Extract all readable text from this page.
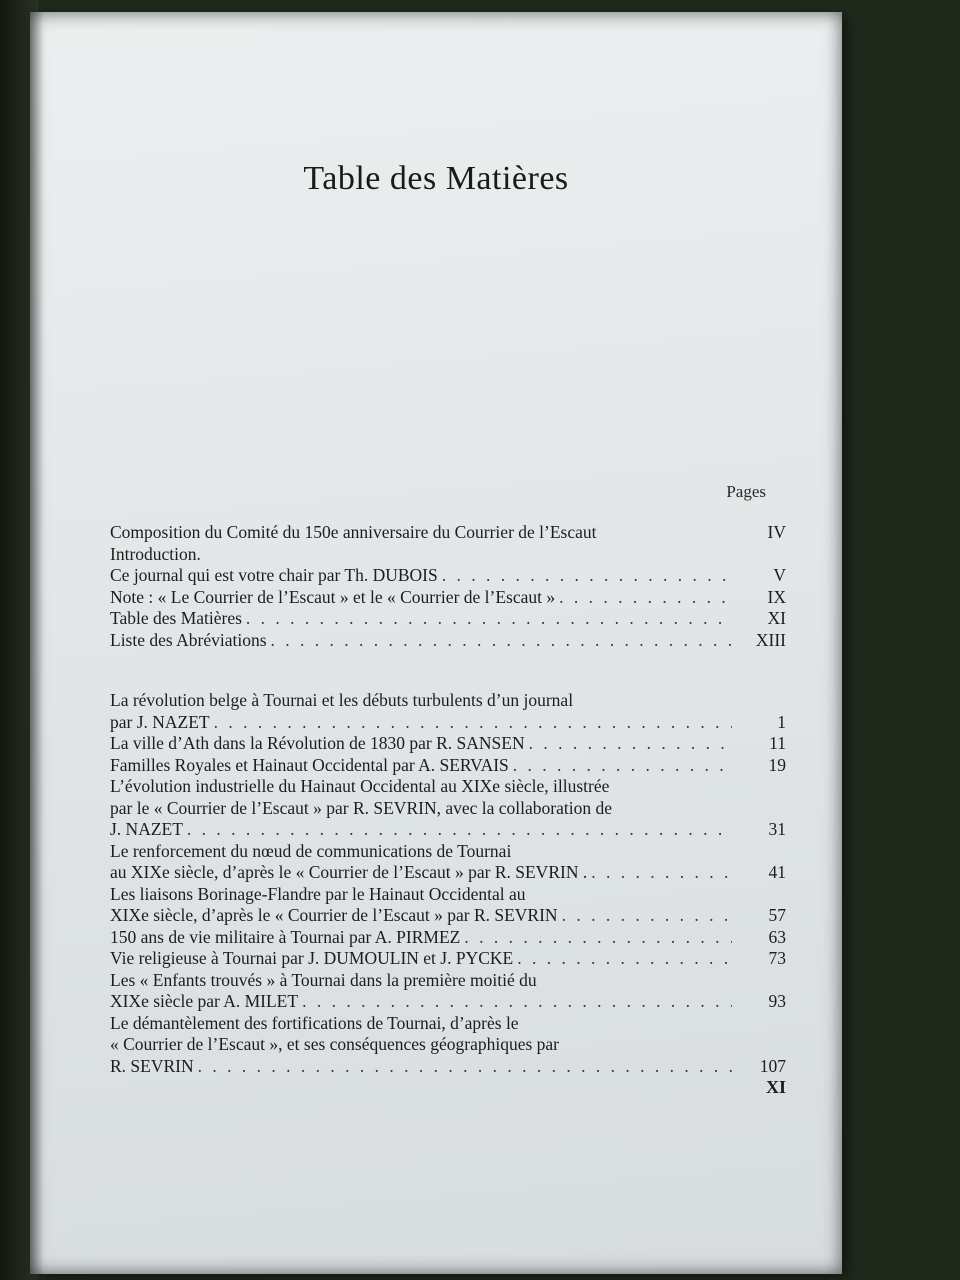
Table des Matières
Pages
Composition du Comité du 150e anniversaire du Courrier de l’Escaut	IV
Introduction.
Ce journal qui est votre chair par Th. DUBOIS . . .	V
Note : « Le Courrier de l’Escaut » et le « Courrier de l’Escaut » . . .	IX
Table des Matières . . .	XI
Liste des Abréviations . . .	XIII
La révolution belge à Tournai et les débuts turbulents d’un journal
par J. NAZET . . .	1
La ville d’Ath dans la Révolution de 1830 par R. SANSEN . . .	11
Familles Royales et Hainaut Occidental par A. SERVAIS . . .	19
L’évolution industrielle du Hainaut Occidental au XIXe siècle, illustrée
par le « Courrier de l’Escaut » par R. SEVRIN, avec la collaboration de
J. NAZET . . .	31
Le renforcement du nœud de communications de Tournai
au XIXe siècle, d’après le « Courrier de l’Escaut » par R. SEVRIN . . . .	41
Les liaisons Borinage-Flandre par le Hainaut Occidental au
XIXe siècle, d’après le « Courrier de l’Escaut » par R. SEVRIN . . .	57
150 ans de vie militaire à Tournai par A. PIRMEZ . . .	63
Vie religieuse à Tournai par J. DUMOULIN et J. PYCKE . . .	73
Les « Enfants trouvés » à Tournai dans la première moitié du
XIXe siècle par A. MILET . . .	93
Le démantèlement des fortifications de Tournai, d’après le
« Courrier de l’Escaut », et ses conséquences géographiques par
R. SEVRIN . . .	107
XI
